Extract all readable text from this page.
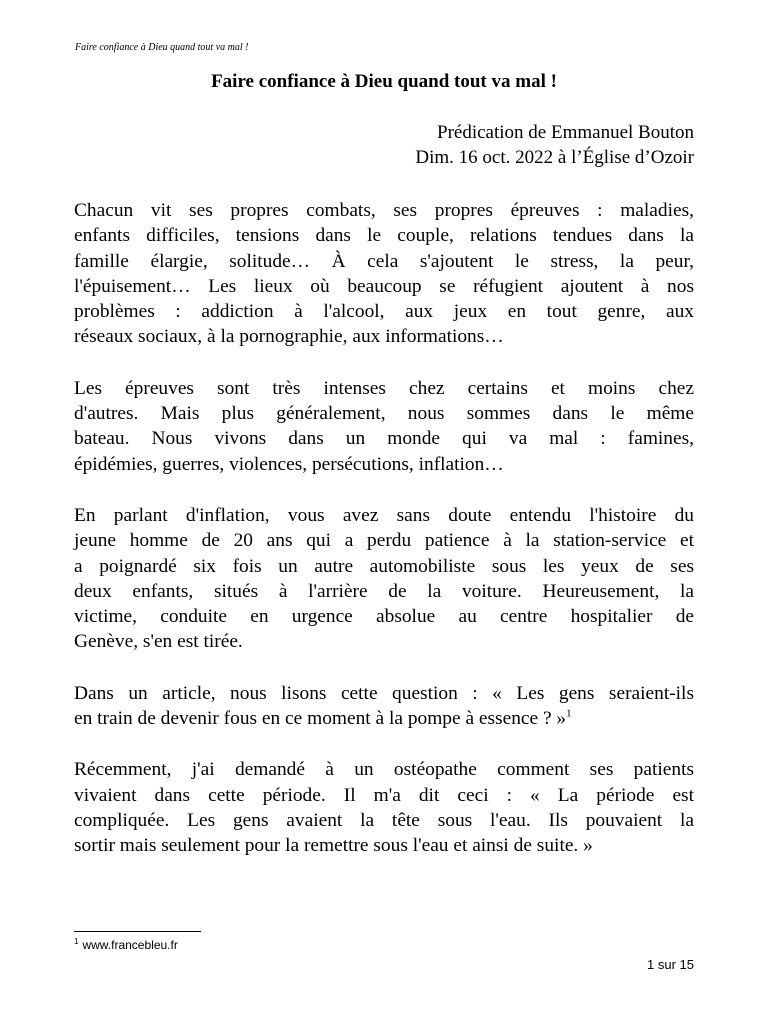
Faire confiance à Dieu quand tout va mal !
Faire confiance à Dieu quand tout va mal !
Prédication de Emmanuel Bouton
Dim. 16 oct. 2022 à l’Église d’Ozoir

Chacun vit ses propres combats, ses propres épreuves : maladies,
enfants difficiles, tensions dans le couple, relations tendues dans la
famille élargie, solitude… À cela s'ajoutent le stress, la peur,
l'épuisement… Les lieux où beaucoup se réfugient ajoutent à nos
problèmes : addiction à l'alcool, aux jeux en tout genre, aux
réseaux sociaux, à la pornographie, aux informations…

Les épreuves sont très intenses chez certains et moins chez
d'autres. Mais plus généralement, nous sommes dans le même
bateau. Nous vivons dans un monde qui va mal : famines,
épidémies, guerres, violences, persécutions, inflation…

En parlant d'inflation, vous avez sans doute entendu l'histoire du
jeune homme de 20 ans qui a perdu patience à la station-service et
a poignardé six fois un autre automobiliste sous les yeux de ses
deux enfants, situés à l'arrière de la voiture. Heureusement, la
victime, conduite en urgence absolue au centre hospitalier de
Genève, s'en est tirée.

Dans un article, nous lisons cette question : « Les gens seraient-ils
en train de devenir fous en ce moment à la pompe à essence ? »$^1$

Récemment, j'ai demandé à un ostéopathe comment ses patients
vivaient dans cette période. Il m'a dit ceci : « La période est
compliquée. Les gens avaient la tête sous l'eau. Ils pouvaient la
sortir mais seulement pour la remettre sous l'eau et ainsi de suite. »

$^1$ www.francebleu.fr
1 sur 15
